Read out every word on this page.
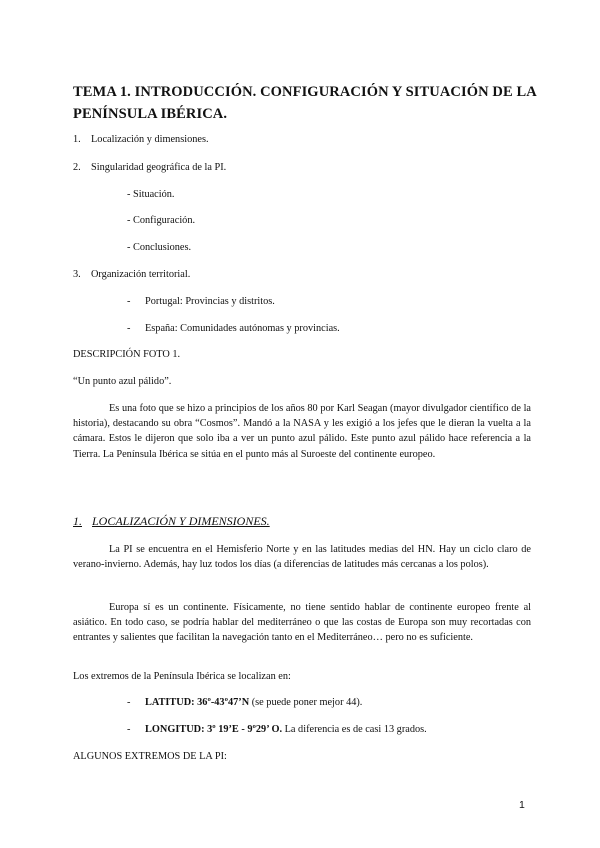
TEMA 1. INTRODUCCIÓN. CONFIGURACIÓN Y SITUACIÓN DE LA PENÍNSULA IBÉRICA.
1. Localización y dimensiones.
2. Singularidad geográfica de la PI.
- Situación.
- Configuración.
- Conclusiones.
3. Organización territorial.
- Portugal: Provincias y distritos.
- España: Comunidades autónomas y provincias.
DESCRIPCIÓN FOTO 1.
“Un punto azul pálido”.
Es una foto que se hizo a principios de los años 80 por Karl Seagan (mayor divulgador científico de la historia), destacando su obra “Cosmos”. Mandó a la NASA y les exigió a los jefes que le dieran la vuelta a la cámara. Estos le dijeron que solo iba a ver un punto azul pálido. Este punto azul pálido hace referencia a la Tierra. La Península Ibérica se sitúa en el punto más al Suroeste del continente europeo.
1. LOCALIZACIÓN Y DIMENSIONES.
La PI se encuentra en el Hemisferio Norte y en las latitudes medias del HN. Hay un ciclo claro de verano-invierno. Además, hay luz todos los días (a diferencias de latitudes más cercanas a los polos).
Europa sí es un continente. Físicamente, no tiene sentido hablar de continente europeo frente al asiático. En todo caso, se podría hablar del mediterráneo o que las costas de Europa son muy recortadas con entrantes y salientes que facilitan la navegación tanto en el Mediterráneo… pero no es suficiente.
Los extremos de la Península Ibérica se localizan en:
- LATITUD: 36º-43º47’N (se puede poner mejor 44).
- LONGITUD: 3º 19’E - 9º29’ O. La diferencia es de casi 13 grados.
ALGUNOS EXTREMOS DE LA PI:
1
